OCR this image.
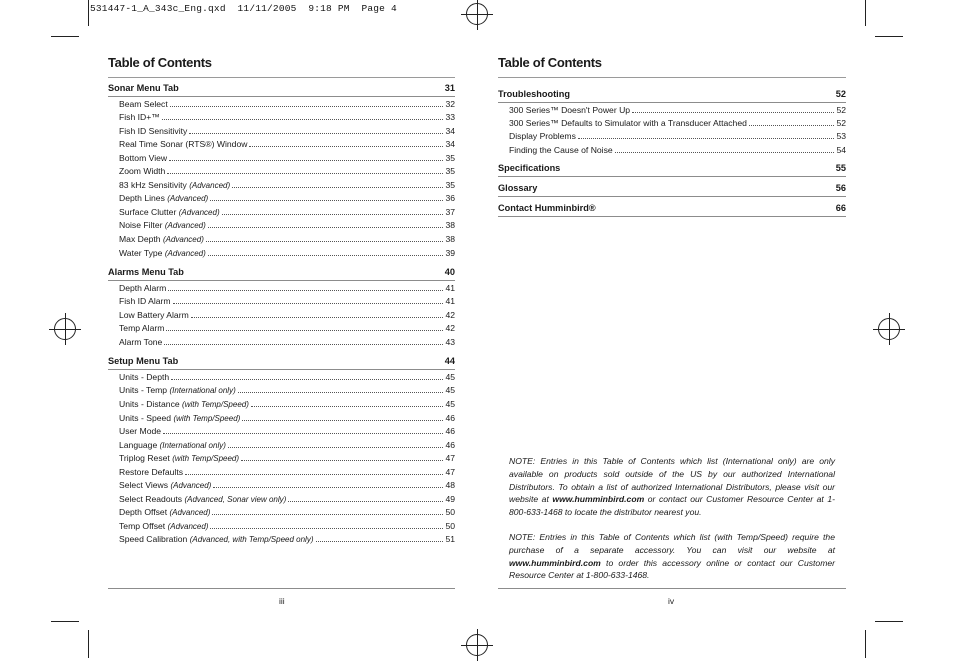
531447-1_A_343c_Eng.qxd  11/11/2005  9:18 PM  Page 4
Table of Contents
Sonar Menu Tab	31
Beam Select	32
Fish ID+™	33
Fish ID Sensitivity	34
Real Time Sonar (RTS®) Window	34
Bottom View	35
Zoom Width	35
83 kHz Sensitivity (Advanced)	35
Depth Lines (Advanced)	36
Surface Clutter (Advanced)	37
Noise Filter (Advanced)	38
Max Depth (Advanced)	38
Water Type (Advanced)	39
Alarms Menu Tab	40
Depth Alarm	41
Fish ID Alarm	41
Low Battery Alarm	42
Temp Alarm	42
Alarm Tone	43
Setup Menu Tab	44
Units - Depth	45
Units - Temp (International only)	45
Units - Distance (with Temp/Speed)	45
Units - Speed (with Temp/Speed)	46
User Mode	46
Language (International only)	46
Triplog Reset (with Temp/Speed)	47
Restore Defaults	47
Select Views (Advanced)	48
Select Readouts (Advanced, Sonar view only)	49
Depth Offset (Advanced)	50
Temp Offset (Advanced)	50
Speed Calibration (Advanced, with Temp/Speed only)	51
iii
Table of Contents
Troubleshooting	52
300 Series™ Doesn't Power Up	52
300 Series™ Defaults to Simulator with a Transducer Attached	52
Display Problems	53
Finding the Cause of Noise	54
Specifications	55
Glossary	56
Contact Humminbird®	66
NOTE: Entries in this Table of Contents which list (International only) are only available on products sold outside of the US by our authorized International Distributors. To obtain a list of authorized International Distributors, please visit our website at www.humminbird.com or contact our Customer Resource Center at 1-800-633-1468 to locate the distributor nearest you.
NOTE: Entries in this Table of Contents which list (with Temp/Speed) require the purchase of a separate accessory. You can visit our website at www.humminbird.com to order this accessory online or contact our Customer Resource Center at 1-800-633-1468.
iv
